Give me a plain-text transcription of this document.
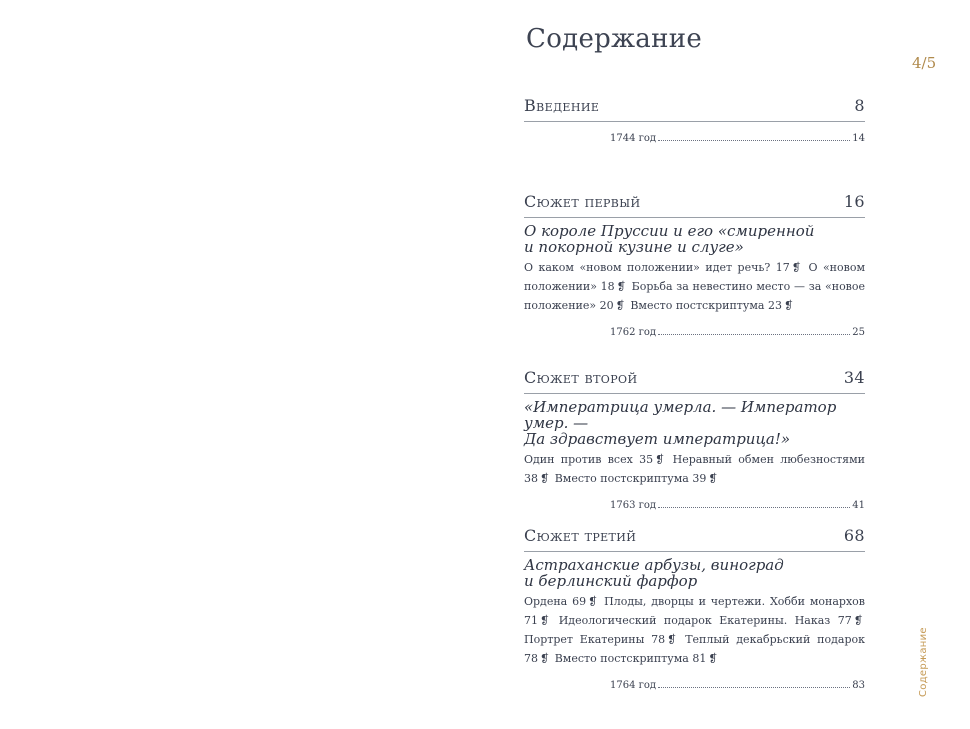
Содержание
4/5
Содержание
Введение	8
1744 год	14
Сюжет первый	16
О короле Пруссии и его «смиренной
и покорной кузине и слуге»
О каком «новом положении» идет речь? 17 ❡ О «новом положении» 18 ❡ Борьба за невестино место — за «новое положение» 20 ❡ Вместо постскриптума 23 ❡
1762 год	25
Сюжет второй	34
«Императрица умерла. — Император умер. —
Да здравствует императрица!»
Один против всех 35 ❡ Неравный обмен любезностями 38 ❡ Вместо постскриптума 39 ❡
1763 год	41
Сюжет третий	68
Астраханские арбузы, виноград
и берлинский фарфор
Ордена 69 ❡ Плоды, дворцы и чертежи. Хобби монархов 71 ❡ Идеологический подарок Екатерины. Наказ 77 ❡ Портрет Екатерины 78 ❡ Теплый декабрьский подарок 78 ❡ Вместо постскриптума 81 ❡
1764 год	83
